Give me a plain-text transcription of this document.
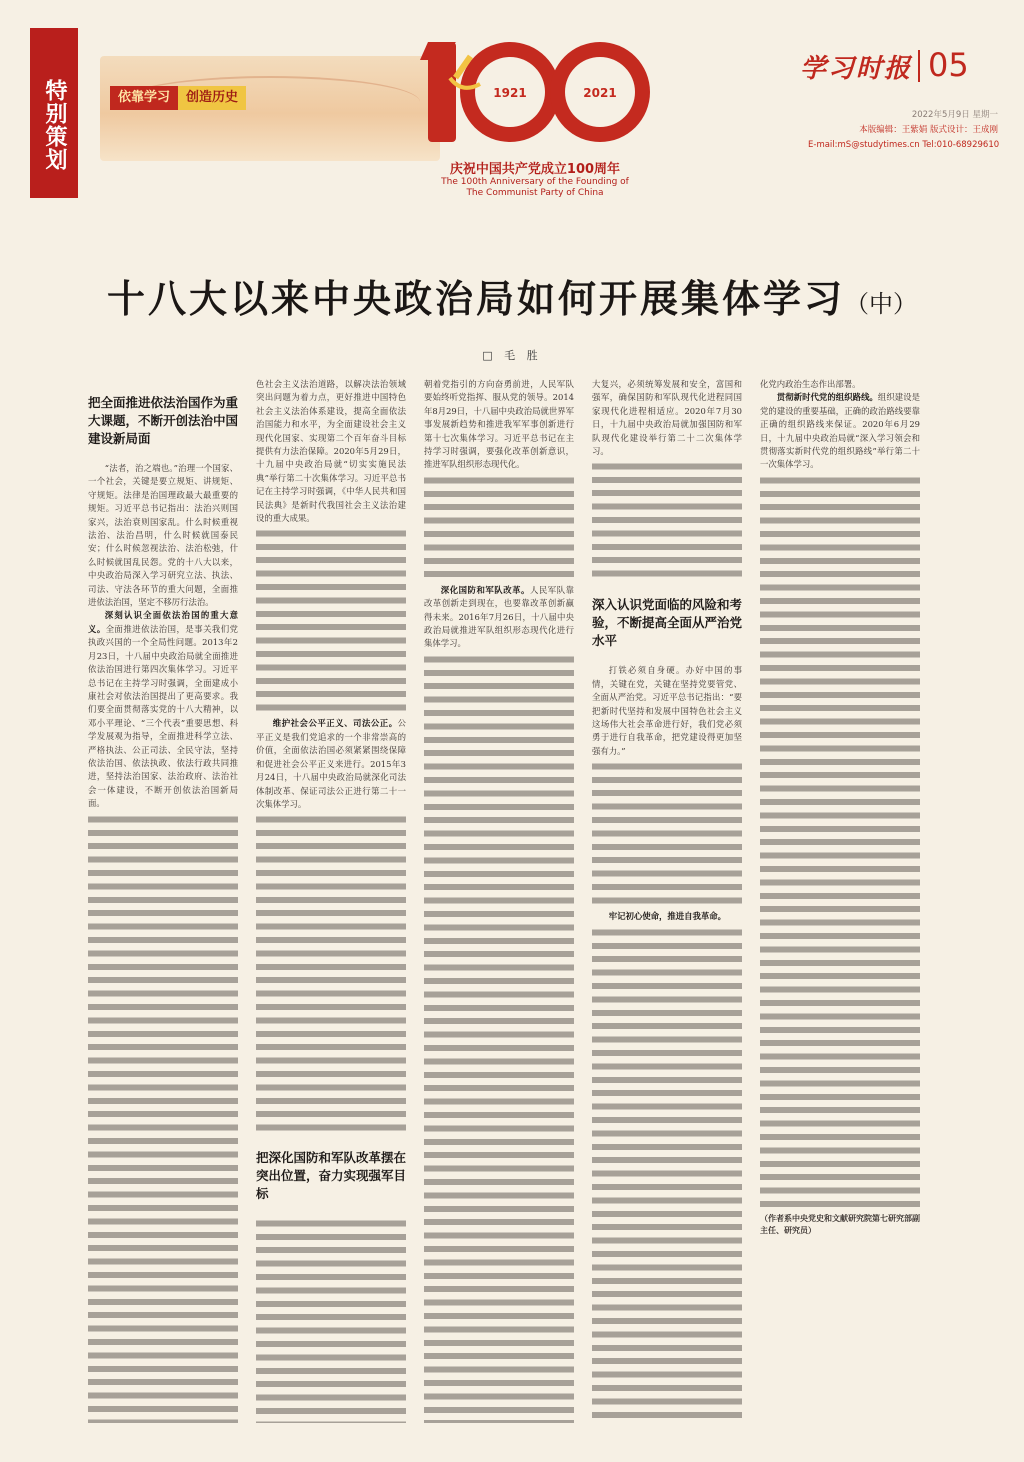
特别策划	依靠学习	创造历史	1921	2021
庆祝中国共产党成立100周年
The 100th Anniversary of the Founding of
The Communist Party of China
学习时报 05
2022年5月9日 星期一
本版编辑：王紫娟 版式设计：王成刚
E-mail:mS@studytimes.cn Tel:010-68929610
十八大以来中央政治局如何开展集体学习（中）
□ 毛 胜
把全面推进依法治国作为重大课题，不断开创法治中国建设新局面

“法者，治之端也。”治理一个国家、一个社会，关键是要立规矩、讲规矩、守规矩。法律是治国理政最大最重要的规矩。习近平总书记指出：法治兴则国家兴，法治衰则国家乱。什么时候重视法治、法治昌明，什么时候就国泰民安；什么时候忽视法治、法治松弛，什么时候就国乱民怨。党的十八大以来，中央政治局深入学习研究立法、执法、司法、守法各环节的重大问题，全面推进依法治国，坚定不移厉行法治。

深刻认识全面依法治国的重大意义。全面推进依法治国，是事关我们党执政兴国的一个全局性问题。2013年2月23日，十八届中央政治局就全面推进依法治国进行第四次集体学习。习近平总书记在主持学习时强调，全面建成小康社会对依法治国提出了更高要求。我们要全面贯彻落实党的十八大精神，以邓小平理论、“三个代表”重要思想、科学发展观为指导，全面推进科学立法、严格执法、公正司法、全民守法，坚持依法治国、依法执政、依法行政共同推进，坚持法治国家、法治政府、法治社会一体建设，不断开创依法治国新局面。

色社会主义法治道路，以解决法治领域突出问题为着力点，更好推进中国特色社会主义法治体系建设，提高全面依法治国能力和水平，为全面建设社会主义现代化国家、实现第二个百年奋斗目标提供有力法治保障。2020年5月29日，十九届中央政治局就“切实实施民法典”举行第二十次集体学习。习近平总书记在主持学习时强调，《中华人民共和国民法典》是新时代我国社会主义法治建设的重大成果。

维护社会公平正义、司法公正。公平正义是我们党追求的一个非常崇高的价值，全面依法治国必须紧紧围绕保障和促进社会公平正义来进行。2015年3月24日，十八届中央政治局就深化司法体制改革、保证司法公正进行第二十一次集体学习。

把深化国防和军队改革摆在突出位置，奋力实现强军目标

朝着党指引的方向奋勇前进，人民军队要始终听党指挥、服从党的领导。2014年8月29日，十八届中央政治局就世界军事发展新趋势和推进我军军事创新进行第十七次集体学习。习近平总书记在主持学习时强调，要强化改革创新意识，推进军队组织形态现代化。

深化国防和军队改革。人民军队靠改革创新走到现在，也要靠改革创新赢得未来。2016年7月26日，十八届中央政治局就推进军队组织形态现代化进行集体学习。

大复兴，必须统筹发展和安全，富国和强军，确保国防和军队现代化进程同国家现代化进程相适应。2020年7月30日，十九届中央政治局就加强国防和军队现代化建设举行第二十二次集体学习。

深入认识党面临的风险和考验，不断提高全面从严治党水平

打铁必须自身硬。办好中国的事情，关键在党，关键在坚持党要管党、全面从严治党。习近平总书记指出：“要把新时代坚持和发展中国特色社会主义这场伟大社会革命进行好，我们党必须勇于进行自我革命，把党建设得更加坚强有力。”

牢记初心使命，推进自我革命。

化党内政治生态作出部署。

贯彻新时代党的组织路线。组织建设是党的建设的重要基础，正确的政治路线要靠正确的组织路线来保证。2020年6月29日，十九届中央政治局就“深入学习领会和贯彻落实新时代党的组织路线”举行第二十一次集体学习。

（作者系中央党史和文献研究院第七研究部副主任、研究员）
